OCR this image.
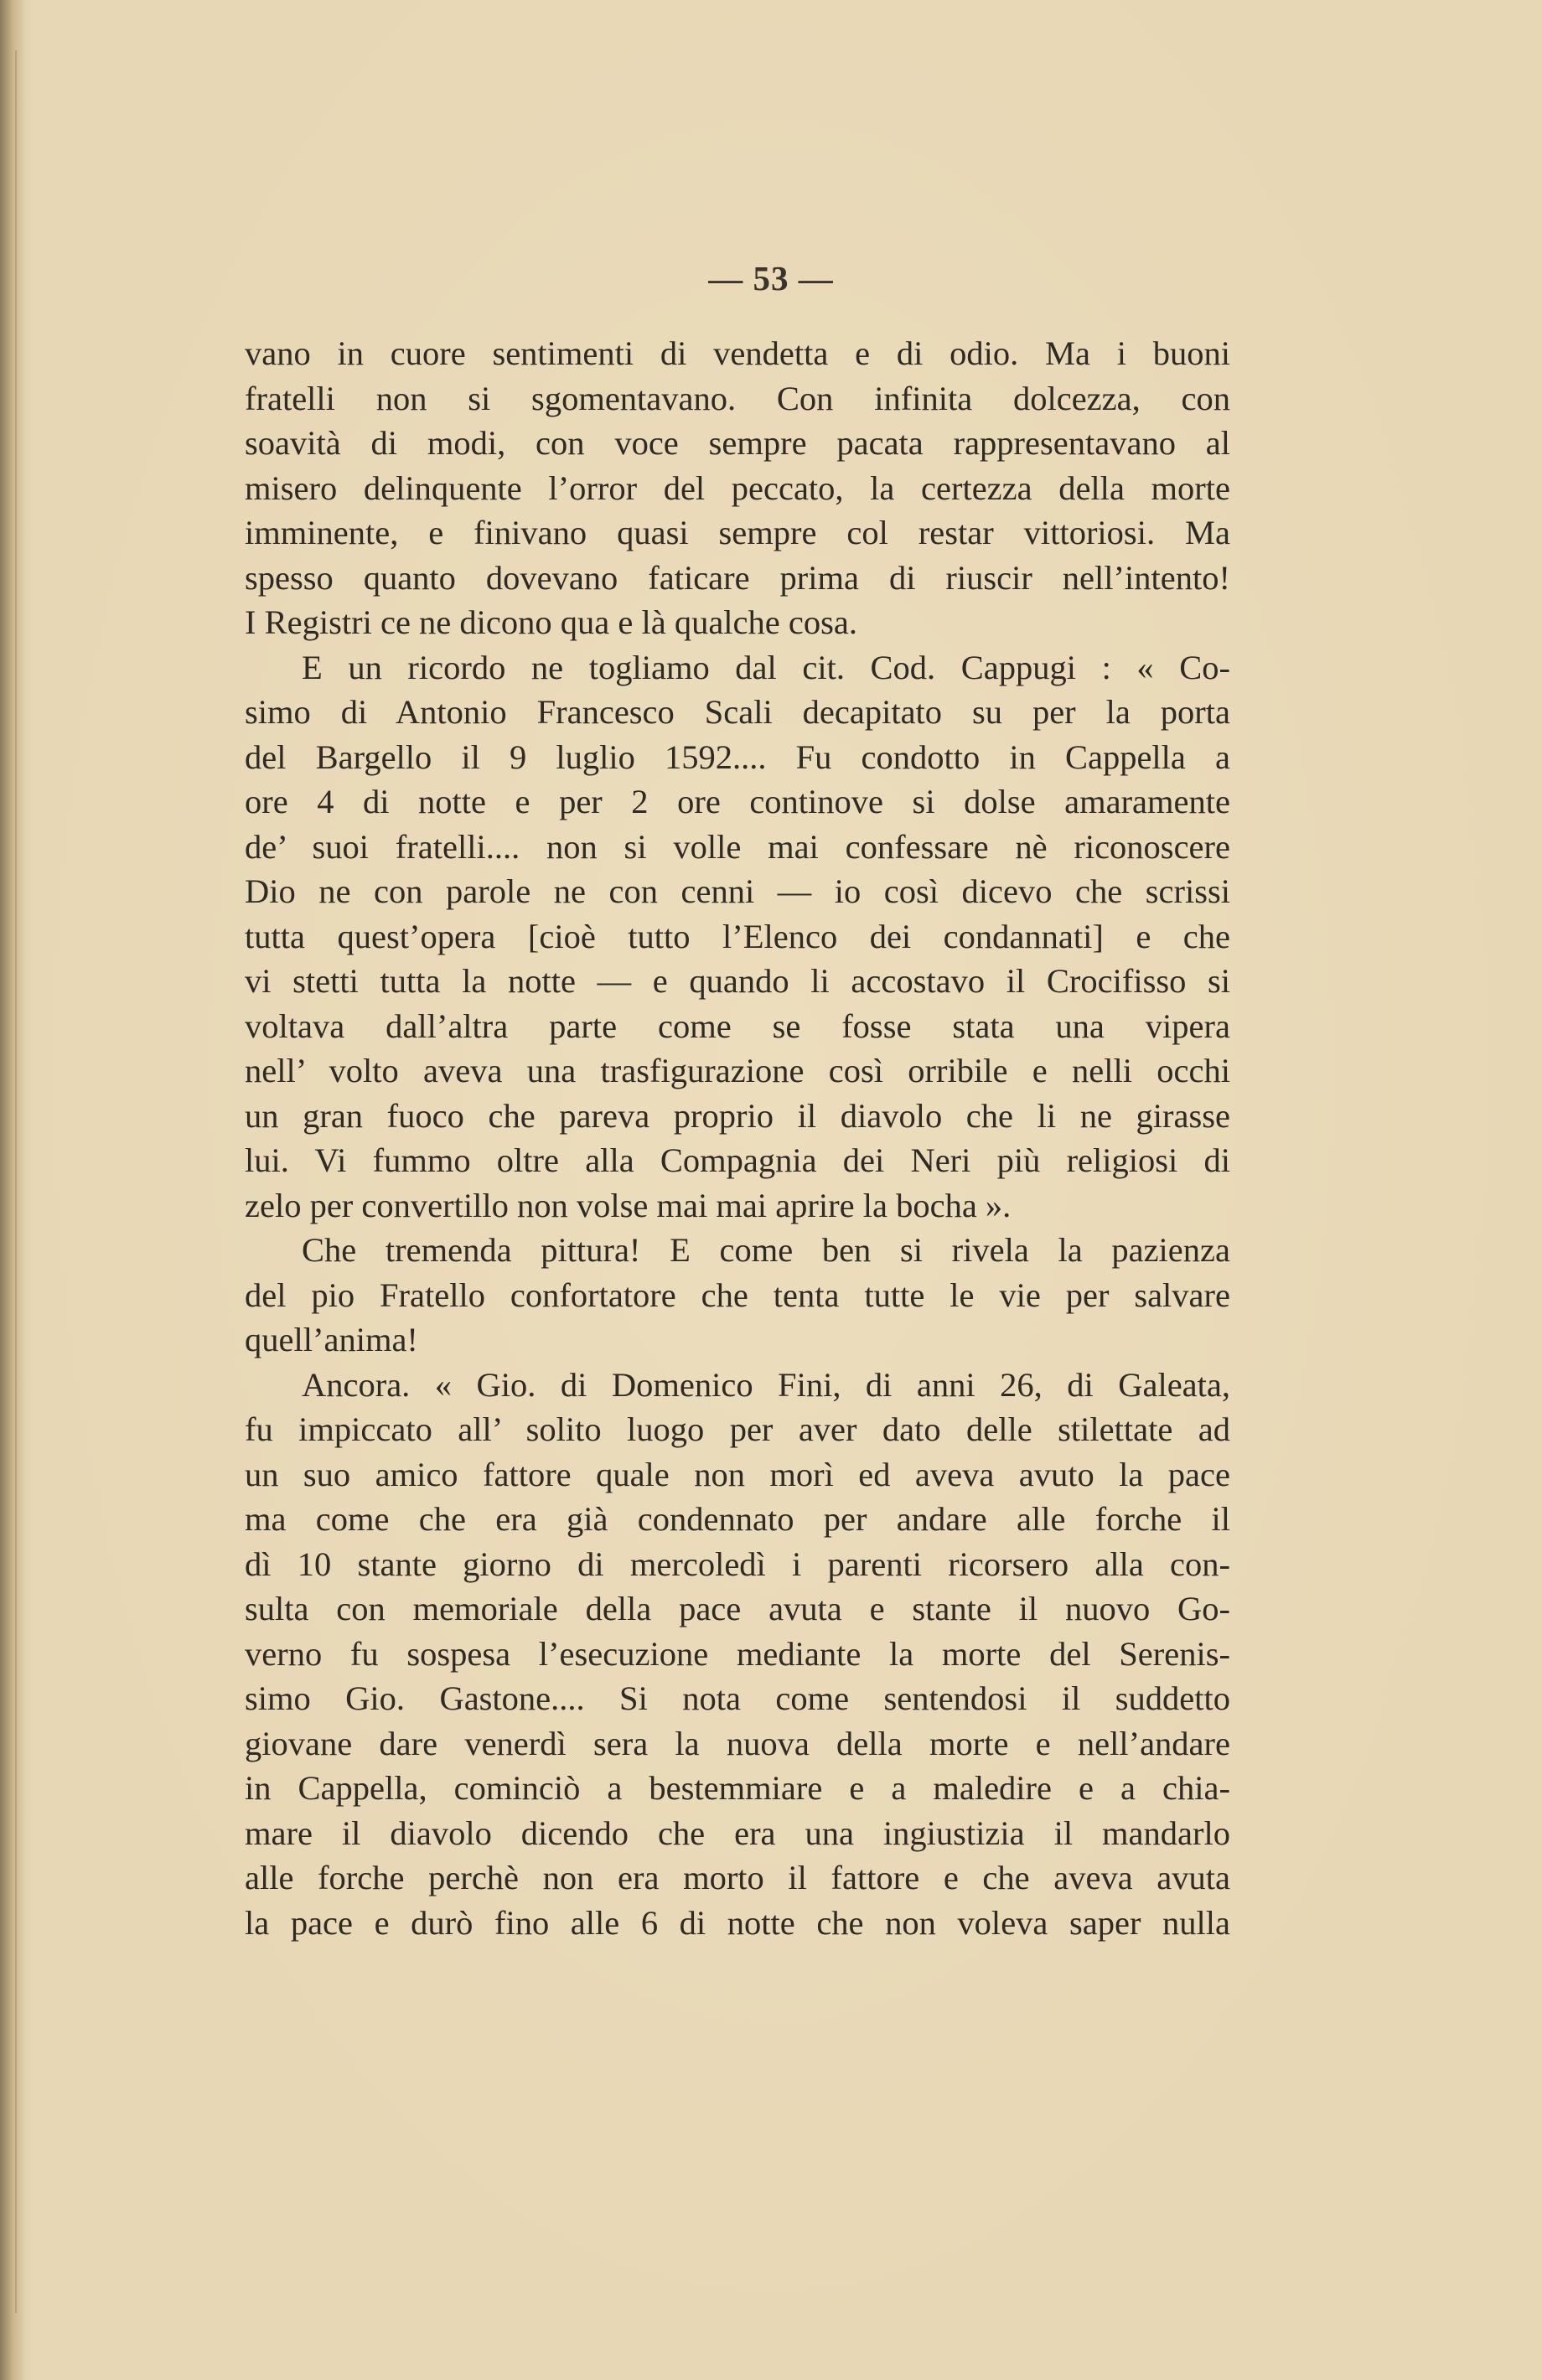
— 53 —

vano in cuore sentimenti di vendetta e di odio. Ma i buoni

fratelli non si sgomentavano. Con infinita dolcezza, con

soavità di modi, con voce sempre pacata rappresentavano al

misero delinquente l’orror del peccato, la certezza della morte

imminente, e finivano quasi sempre col restar vittoriosi. Ma

spesso quanto dovevano faticare prima di riuscir nell’intento!

I Registri ce ne dicono qua e là qualche cosa.

E un ricordo ne togliamo dal cit. Cod. Cappugi : « Co-

simo di Antonio Francesco Scali decapitato su per la porta

del Bargello il 9 luglio 1592.... Fu condotto in Cappella a

ore 4 di notte e per 2 ore continove si dolse amaramente

de’ suoi fratelli.... non si volle mai confessare nè riconoscere

Dio ne con parole ne con cenni — io così dicevo che scrissi

tutta quest’opera [cioè tutto l’Elenco dei condannati] e che

vi stetti tutta la notte — e quando li accostavo il Crocifisso si

voltava dall’altra parte come se fosse stata una vipera

nell’ volto aveva una trasfigurazione così orribile e nelli occhi

un gran fuoco che pareva proprio il diavolo che li ne girasse

lui. Vi fummo oltre alla Compagnia dei Neri più religiosi di

zelo per convertillo non volse mai mai aprire la bocha ».

Che tremenda pittura! E come ben si rivela la pazienza

del pio Fratello confortatore che tenta tutte le vie per salvare

quell’anima!

Ancora. « Gio. di Domenico Fini, di anni 26, di Galeata,

fu impiccato all’ solito luogo per aver dato delle stilettate ad

un suo amico fattore quale non morì ed aveva avuto la pace

ma come che era già condennato per andare alle forche il

dì 10 stante giorno di mercoledì i parenti ricorsero alla con-

sulta con memoriale della pace avuta e stante il nuovo Go-

verno fu sospesa l’esecuzione mediante la morte del Serenis-

simo Gio. Gastone.... Si nota come sentendosi il suddetto

giovane dare venerdì sera la nuova della morte e nell’andare

in Cappella, cominciò a bestemmiare e a maledire e a chia-

mare il diavolo dicendo che era una ingiustizia il mandarlo

alle forche perchè non era morto il fattore e che aveva avuta

la pace e durò fino alle 6 di notte che non voleva saper nulla
